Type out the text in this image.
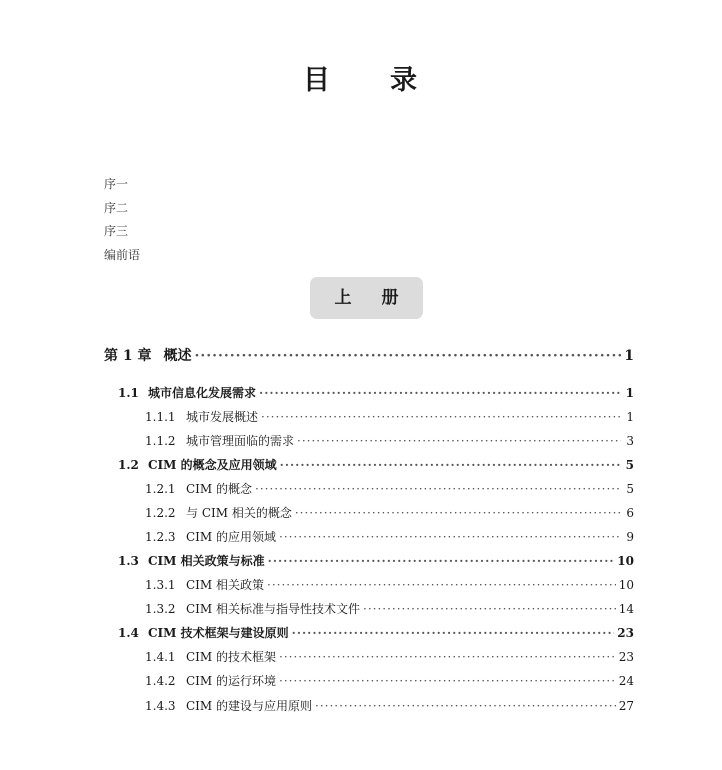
目 录
序一
序二
序三
编前语
上 册
第 1 章 概述 ·····	1
1.1 城市信息化发展需求 ·····	1
1.1.1 城市发展概述 ·····	1
1.1.2 城市管理面临的需求 ·····	3
1.2 CIM 的概念及应用领域 ·····	5
1.2.1 CIM 的概念 ·····	5
1.2.2 与 CIM 相关的概念 ·····	6
1.2.3 CIM 的应用领域 ·····	9
1.3 CIM 相关政策与标准 ·····	10
1.3.1 CIM 相关政策 ·····	10
1.3.2 CIM 相关标准与指导性技术文件 ·····	14
1.4 CIM 技术框架与建设原则 ·····	23
1.4.1 CIM 的技术框架 ·····	23
1.4.2 CIM 的运行环境 ·····	24
1.4.3 CIM 的建设与应用原则 ·····	27
